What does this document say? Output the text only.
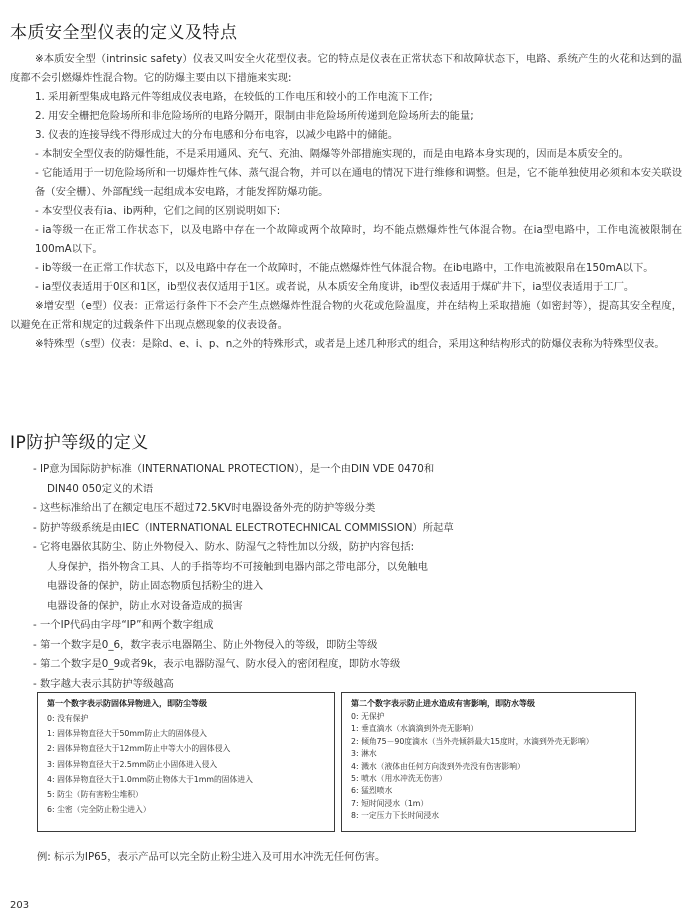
本质安全型仪表的定义及特点

※本质安全型（intrinsic safety）仪表又叫安全火花型仪表。它的特点是仪表在正常状态下和故障状态下，电路、系统产生的火花和达到的温度都不会引燃爆炸性混合物。它的防爆主要由以下措施来实现:

1. 采用新型集成电路元件等组成仪表电路，在较低的工作电压和较小的工作电流下工作;

2. 用安全栅把危险场所和非危险场所的电路分隔开，限制由非危险场所传递到危险场所去的能量;

3. 仪表的连接导线不得形成过大的分布电感和分布电容，以减少电路中的储能。

- 本制安全型仪表的防爆性能，不是采用通风、充气、充油、隔爆等外部措施实现的，而是由电路本身实现的，因而是本质安全的。

- 它能适用于一切危险场所和一切爆炸性气体、蒸气混合物，并可以在通电的情况下进行维修和调整。但是，它不能单独使用必须和本安关联设备（安全栅）、外部配线一起组成本安电路，才能发挥防爆功能。

- 本安型仪表有ia、ib两种，它们之间的区别说明如下:

- ia等级一在正常工作状态下，以及电路中存在一个故障或两个故障时，均不能点燃爆炸性气体混合物。在ia型电路中，工作电流被限制在100mA以下。

- ib等级一在正常工作状态下，以及电路中存在一个故障时，不能点燃爆炸性气体混合物。在ib电路中，工作电流被限帛在150mA以下。

- ia型仪表适用于0区和1区，ib型仪表仅适用于1区。或者说，从本质安全角度讲，ib型仪表适用于煤矿井下，ia型仪表适用于工厂。

※增安型（e型）仪表：正常运行条件下不会产生点燃爆炸性混合物的火花或危险温度，并在结构上采取措施（如密封等），提高其安全程度，以避免在正常和规定的过载条件下出现点燃现象的仪表设备。

※特殊型（s型）仪表：是除d、e、i、p、n之外的特殊形式，或者是上述几种形式的组合，采用这种结构形式的防爆仪表称为特殊型仪表。

IP防护等级的定义

- IP意为国际防护标准（INTERNATIONAL PROTECTION），是一个由DIN VDE 0470和

DIN40 050定义的术语

- 这些标准给出了在额定电压不超过72.5KV时电器设备外壳的防护等级分类

- 防护等级系统是由IEC（INTERNATIONAL ELECTROTECHNICAL COMMISSION）所起草

- 它将电器依其防尘、防止外物侵入、防水、防湿气之特性加以分级，防护内容包括:

人身保护，指外物含工具、人的手指等均不可接触到电器内部之带电部分，以免触电

电器设备的保护，防止固态物质包括粉尘的进入

电器设备的保护，防止水对设备造成的损害

- 一个IP代码由字母“IP”和两个数字组成

- 第一个数字是0_6，数字表示电器隔尘、防止外物侵入的等级，即防尘等级

- 第二个数字是0_9或者9k，表示电器防湿气、防水侵入的密闭程度，即防水等级

- 数字越大表示其防护等级越高

第一个数字表示防固体异物进入，即防尘等级

0: 没有保护

1: 固体异物直径大于50mm防止大的固体侵入

2: 固体异物直径大于12mm防止中等大小的固体侵入

3: 固体异物直径大于2.5mm防止小固体进入侵入

4: 固体异物直径大于1.0mm防止物体大于1mm的固体进入

5: 防尘（防有害粉尘堆积）

6: 尘密（完全防止粉尘进入）

第二个数字表示防止进水造成有害影响，即防水等级

0: 无保护

1: 垂直滴水（水滴滴到外壳无影响）

2: 倾角75－90度滴水（当外壳倾斜最大15度时，水滴到外壳无影响）

3: 淋水

4: 溅水（液体由任何方向泼到外壳没有伤害影响）

5: 喷水（用水冲洗无伤害）

6: 猛烈喷水

7: 短时间浸水（1m）

8: 一定压力下长时间浸水

例: 标示为IP65，表示产品可以完全防止粉尘进入及可用水冲洗无任何伤害。

203
